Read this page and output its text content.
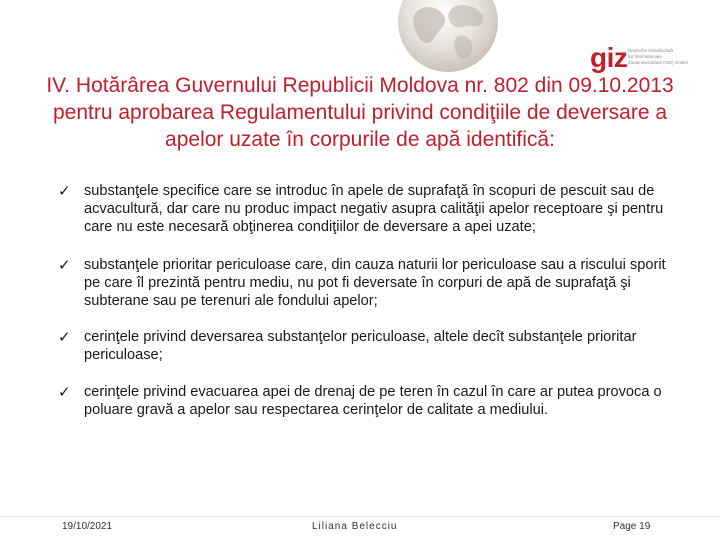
giz Deutsche Gesellschaft
für Internationale
Zusammenarbeit (GIZ) GmbH
IV. Hotărârea Guvernului Republicii Moldova nr. 802 din 09.10.2013 pentru aprobarea Regulamentului privind condiţiile de deversare a apelor uzate în corpurile de apă identifică:
✓ substanţele specifice care se introduc în apele de suprafaţă în scopuri de pescuit sau de acvacultură, dar care nu produc impact negativ asupra calităţii apelor receptoare şi pentru care nu este necesară obţinerea condiţiilor de deversare a apei uzate;
✓ substanţele prioritar periculoase care, din cauza naturii lor periculoase sau a riscului sporit pe care îl prezintă pentru mediu, nu pot fi deversate în corpuri de apă de suprafaţă şi subterane sau pe terenuri ale fondului apelor;
✓ cerinţele privind deversarea substanţelor periculoase, altele decît substanţele prioritar periculoase;
✓ cerinţele privind evacuarea apei de drenaj de pe teren în cazul în care ar putea provoca o poluare gravă a apelor sau respectarea cerinţelor de calitate a mediului.
19/10/2021	Liliana Belecciu	Page 19
